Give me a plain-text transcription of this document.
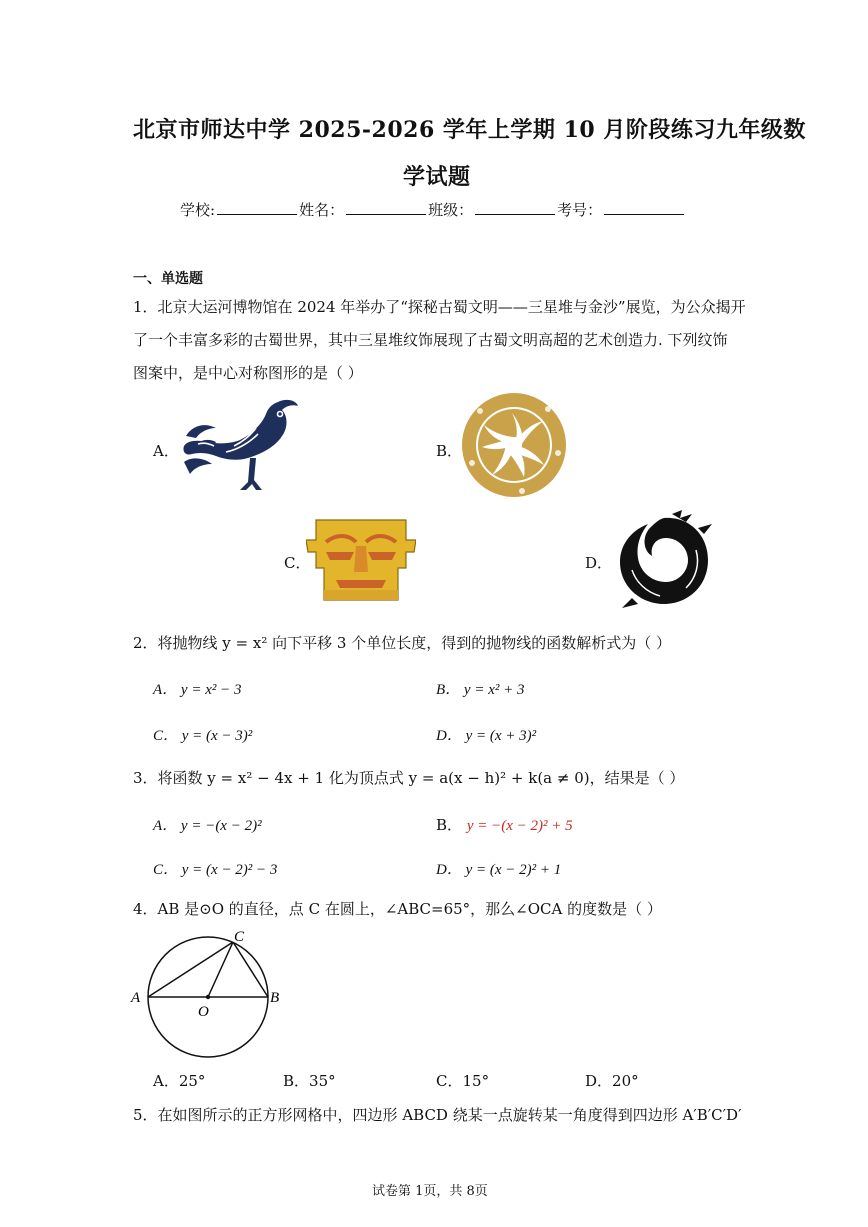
北京市师达中学 2025-2026 学年上学期 10 月阶段练习九年级数
学试题
学校:	姓名：	班级：	考号：
一、单选题
1．北京大运河博物馆在 2024 年举办了“探秘古蜀文明——三星堆与金沙”展览，为公众揭开
了一个丰富多彩的古蜀世界，其中三星堆纹饰展现了古蜀文明高超的艺术创造力. 下列纹饰
图案中，是中心对称图形的是（ ）
A．	B．
C．	D．
2．将抛物线 y = x² 向下平移 3 个单位长度，得到的抛物线的函数解析式为（ ）
A． y = x² − 3	B． y = x² + 3
C． y = (x − 3)²	D． y = (x + 3)²
3．将函数 y = x² − 4x + 1 化为顶点式 y = a(x − h)² + k(a ≠ 0)，结果是（ ）
A． y = −(x − 2)²	B． y = −(x − 2)² + 5
C． y = (x − 2)² − 3	D． y = (x − 2)² + 1
4．AB 是⊙O 的直径，点 C 在圆上，∠ABC=65°，那么∠OCA 的度数是（ ）
A	B
C
O
A．25°	B．35°	C．15°	D．20°
5．在如图所示的正方形网格中，四边形 ABCD 绕某一点旋转某一角度得到四边形 A′B′C′D′
试卷第 1页，共 8页
